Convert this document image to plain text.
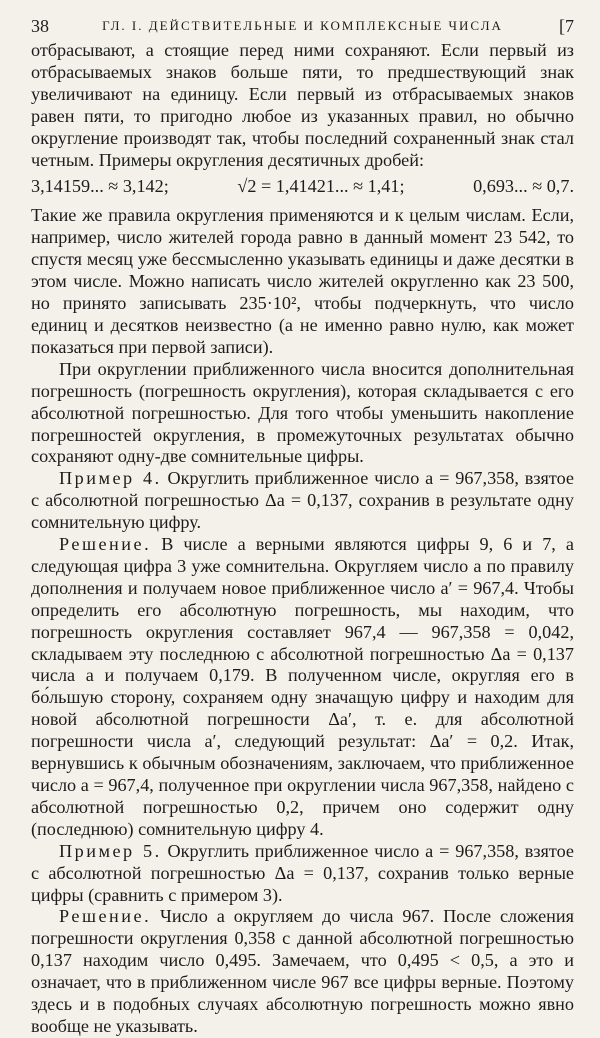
38	ГЛ. I. ДЕЙСТВИТЕЛЬНЫЕ И КОМПЛЕКСНЫЕ ЧИСЛА	[7

отбрасывают, а стоящие перед ними сохраняют. Если первый из отбрасываемых знаков больше пяти, то предшествующий знак увеличивают на единицу. Если первый из отбрасываемых знаков равен пяти, то пригодно любое из указанных правил, но обычно округление производят так, чтобы последний сохраненный знак стал четным. Примеры округления десятичных дробей:

3,14159... ≈ 3,142;	√2 = 1,41421... ≈ 1,41;	0,693... ≈ 0,7.

Такие же правила округления применяются и к целым числам. Если, например, число жителей города равно в данный момент 23 542, то спустя месяц уже бессмысленно указывать единицы и даже десятки в этом числе. Можно написать число жителей округленно как 23 500, но принято записывать 235·10², чтобы подчеркнуть, что число единиц и десятков неизвестно (а не именно равно нулю, как может показаться при первой записи).

При округлении приближенного числа вносится дополнительная погрешность (погрешность округления), которая складывается с его абсолютной погрешностью. Для того чтобы уменьшить накопление погрешностей округления, в промежуточных результатах обычно сохраняют одну-две сомнительные цифры.

Пример 4. Округлить приближенное число a = 967,358, взятое с абсолютной погрешностью Δa = 0,137, сохранив в результате одну сомнительную цифру.

Решение. В числе a верными являются цифры 9, 6 и 7, а следующая цифра 3 уже сомнительна. Округляем число a по правилу дополнения и получаем новое приближенное число a′ = 967,4. Чтобы определить его абсолютную погрешность, мы находим, что погрешность округления составляет 967,4 — 967,358 = 0,042, складываем эту последнюю с абсолютной погрешностью Δa = 0,137 числа a и получаем 0,179. В полученном числе, округляя его в бо́льшую сторону, сохраняем одну значащую цифру и находим для новой абсолютной погрешности Δa′, т. е. для абсолютной погрешности числа a′, следующий результат: Δa′ = 0,2. Итак, вернувшись к обычным обозначениям, заключаем, что приближенное число a = 967,4, полученное при округлении числа 967,358, найдено с абсолютной погрешностью 0,2, причем оно содержит одну (последнюю) сомнительную цифру 4.

Пример 5. Округлить приближенное число a = 967,358, взятое с абсолютной погрешностью Δa = 0,137, сохранив только верные цифры (сравнить с примером 3).

Решение. Число a округляем до числа 967. После сложения погрешности округления 0,358 с данной абсолютной погрешностью 0,137 находим число 0,495. Замечаем, что 0,495 < 0,5, а это и означает, что в приближенном числе 967 все цифры верные. Поэтому здесь и в подобных случаях абсолютную погрешность можно явно вообще не указывать.
